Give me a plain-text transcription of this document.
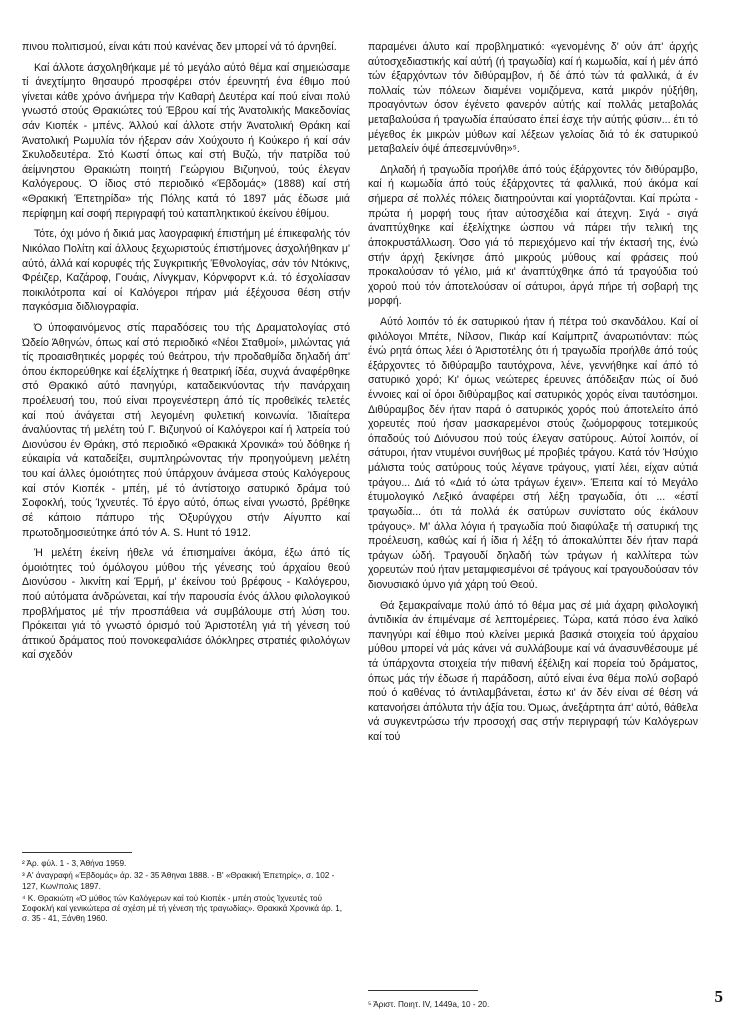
πινου πολιτισμού, είναι κάτι πού κανένας δεν μπορεί νά τό άρνηθεί.

Καί άλλοτε άσχοληθήκαμε μέ τό μεγάλο αύτό θέμα καί σημειώσαμε τί άνεχτίμητο θησαυρό προσφέρει στόν έρευνητή ένα έθιμο πού γίνεται κάθε χρόνο άνήμερα τήν Καθαρή Δευτέρα καί πού είναι πολύ γνωστό στούς Θρακιώτες τού Έβρου καί τής Άνατολικής Μακεδονίας σάν Κιοπέκ - μπένς. Άλλού καί άλλοτε στήν Άνατολική Θράκη καί Άνατολική Ρωμυλία τόν ήξεραν σάν Χούχουτο ή Κούκερο ή καί σάν Σκυλοδευτέρα. Στό Κωστί όπως καί στή Βυζώ, τήν πατρίδα τού άείμνηστου Θρακιώτη ποιητή Γεώργιου Βιζυηνού, τούς έλεγαν Καλόγερους. Ό ίδιος στό περιοδικό «Έβδομάς» (1888) καί στή «Θρακική Έπετηρίδα» τής Πόλης κατά τό 1897 μάς έδωσε μιά περίφημη καί σοφή περιγραφή τού καταπληκτικού έκείνου έθίμου.

Τότε, όχι μόνο ή δικιά μας λαογραφική έπιστήμη μέ έπικεφαλής τόν Νικόλαο Πολίτη καί άλλους ξεχωριστούς έπιστήμονες άσχολήθηκαν μ' αύτό, άλλά καί κορυφές τής Συγκριτικής Έθνολογίας, σάν τόν Ντόκινς, Φρέιζερ, Καζάροφ, Γουάις, Λίνγκμαν, Κόρνφορντ κ.ά. τό έσχολίασαν ποικιλότροπα καί οί Καλόγεροι πήραν μιά έξέχουσα θέση στήν παγκόσμια διδλιογραφία.

Ό ύποφαινόμενος στίς παραδόσεις του τής Δραματολογίας στό Ώδείο Άθηνών, όπως καί στό περιοδικό «Νέοι Σταθμοί», μιλώντας γιά τίς προαισθητικές μορφές τού θεάτρου, τήν προδαθμίδα δηλαδή άπ' όπου έκπορεύθηκε καί έξελίχτηκε ή θεατρική ίδέα, συχνά άναφέρθηκε στό Θρακικό αύτό πανηγύρι, καταδεικνύοντας τήν πανάρχαιη προέλευσή του, πού είναι προγενέστερη άπό τίς προθεϊκές τελετές καί πού άνάγεται στή λεγομένη φυλετική κοινωνία. Ίδιαίτερα άναλύοντας τή μελέτη τού Γ. Βιζυηνού οί Καλόγεροι καί ή λατρεία τού Διονύσου έν Θράκη, στό περιοδικό «Θρακικά Χρονικά» τού δόθηκε ή εύκαιρία νά καταδείξει, συμπληρώνοντας τήν προηγούμενη μελέτη του καί άλλες όμοιότητες πού ύπάρχουν άνάμεσα στούς Καλόγερους καί στόν Κιοπέκ - μπέη, μέ τό άντίστοιχο σατυρικό δράμα τού Σοφοκλή, τούς Ίχνευτές. Τό έργο αύτό, όπως είναι γνωστό, βρέθηκε σέ κάποιο πάπυρο τής Όξυρύγχου στήν Αίγυπτο καί πρωτοδημοσιεύτηκε άπό τόν A. S. Hunt τό 1912.

Ή μελέτη έκείνη ήθελε νά έπισημαίνει άκόμα, έξω άπό τίς όμοιότητες τού όμόλογου μύθου τής γένεσης τού άρχαίου θεού Διονύσου - λικνίτη καί Έρμή, μ' έκείνου τού βρέφους - Καλόγερου, πού αύτόματα άνδρώνεται, καί τήν παρουσία ένός άλλου φιλολογικού προβλήματος μέ τήν προσπάθεια νά συμβάλουμε στή λύση του. Πρόκειται γιά τό γνωστό όρισμό τού Άριστοτέλη γιά τή γένεση τού άττικού δράματος πού πονοκεφαλιάσε όλόκληρες στρατιές φιλολόγων καί σχεδόν

² Άρ. φύλ. 1 - 3, Άθήνα 1959.

³ Α' άναγραφή «Έβδομάς» άρ. 32 - 35 Άθηναι 1888. - Β' «Θρακική Έπετηρίς», σ. 102 - 127, Κων/πολις 1897.

⁴ Κ. Θρακιώτη «Ό μύθος τών Καλόγερων καί τού Κιοπέκ - μπέη στούς Ίχνευτές τού Σοφοκλή καί γενικώτερα σέ σχέση μέ τή γένεση τής τραγωδίας». Θρακικά Χρονικά άρ. 1, σ. 35 - 41, Ξάνθη 1960.

παραμένει άλυτο καί προβληματικό: «γενομένης δ' ούν άπ' άρχής αύτοσχεδιαστικής καί αύτή (ή τραγωδία) καί ή κωμωδία, καί ή μέν άπό τών έξαρχόντων τόν διθύραμβον, ή δέ άπό τών τά φαλλικά, ά έν πολλαίς τών πόλεων διαμένει νομιζόμενα, κατά μικρόν ηύξήθη, προαγόντων όσον έγένετο φανερόν αύτής καί πολλάς μεταβολάς μεταβαλούσα ή τραγωδία έπαύσατο έπεί έσχε τήν αύτής φύσιν... έτι τό μέγεθος έκ μικρών μύθων καί λέξεων γελοίας διά τό έκ σατυρικού μεταβαλείν όψέ άπεσεμνύνθη»⁵.

Δηλαδή ή τραγωδία προήλθε άπό τούς έξάρχοντες τόν διθύραμβο, καί ή κωμωδία άπό τούς έξάρχοντες τά φαλλικά, πού άκόμα καί σήμερα σέ πολλές πόλεις διατηρούνται καί γιορτάζονται. Καί πρώτα - πρώτα ή μορφή τους ήταν αύτοσχέδια καί άτεχνη. Σιγά - σιγά άναπτύχθηκε καί έξελίχτηκε ώσπου νά πάρει τήν τελική της άποκρυστάλλωση. Όσο γιά τό περιεχόμενο καί τήν έκτασή της, ένώ στήν άρχή ξεκίνησε άπό μικρούς μύθους καί φράσεις πού προκαλούσαν τό γέλιο, μιά κι' άναπτύχθηκε άπό τά τραγούδια τού χορού πού τόν άποτελούσαν οί σάτυροι, άργά πήρε τή σοβαρή της μορφή.

Αύτό λοιπόν τό έκ σατυρικού ήταν ή πέτρα τού σκανδάλου. Καί οί φιλόλογοι Μπέτε, Νίλσον, Πικάρ καί Καίμπριτζ άναρωτιόνταν: πώς ένώ ρητά όπως λέει ό Άριστοτέλης ότι ή τραγωδία προήλθε άπό τούς έξάρχοντες τό διθύραμβο ταυτόχρονα, λένε, γεννήθηκε καί άπό τό σατυρικό χορό; Κι' όμως νεώτερες έρευνες άπόδειξαν πώς οί δυό έννοιες καί οί όροι διθύραμβος καί σατυρικός χορός είναι ταυτόσημοι. Διθύραμβος δέν ήταν παρά ό σατυρικός χορός πού άποτελείτο άπό χορευτές πού ήσαν μασκαρεμένοι στούς ζωόμορφους τοτεμικούς όπαδούς τού Διόνυσου πού τούς έλεγαν σατύρους. Αύτοί λοιπόν, οί σάτυροι, ήταν ντυμένοι συνήθως μέ προβιές τράγου. Κατά τόν Ήσύχιο μάλιστα τούς σατύρους τούς λέγανε τράγους, γιατί λέει, είχαν αύτιά τράγου... Διά τό «Διά τό ώτα τράγων έχειν». Έπειτα καί τό Μεγάλο έτυμολογικό Λεξικό άναφέρει στή λέξη τραγωδία, ότι ... «έστί τραγωδία... ότι τά πολλά έκ σατύρων συνίστατο ούς έκάλουν τράγους». Μ' άλλα λόγια ή τραγωδία πού διαφύλαξε τή σατυρική της προέλευση, καθώς καί ή ίδια ή λέξη τό άποκαλύπτει δέν ήταν παρά τράγων ώδή. Τραγουδί δηλαδή τών τράγων ή καλλίτερα τών χορευτών πού ήταν μεταμφιεσμένοι σέ τράγους καί τραγουδούσαν τόν διονυσιακό ύμνο γιά χάρη τού Θεού.

Θά ξεμακραίναμε πολύ άπό τό θέμα μας σέ μιά άχαρη φιλολογική άντιδικία άν έπιμέναμε σέ λεπτομέρειες. Τώρα, κατά πόσο ένα λαϊκό πανηγύρι καί έθιμο πού κλείνει μερικά βασικά στοιχεία τού άρχαίου μύθου μπορεί νά μάς κάνει νά συλλάβουμε καί νά άνασυνθέσουμε μέ τά ύπάρχοντα στοιχεία τήν πιθανή έξέλιξη καί πορεία τού δράματος, όπως μάς τήν έδωσε ή παράδοση, αύτό είναι ένα θέμα πολύ σοβαρό πού ό καθένας τό άντιλαμβάνεται, έστω κι' άν δέν είναι σέ θέση νά κατανοήσει άπόλυτα τήν άξία του. Όμως, άνεξάρτητα άπ' αύτό, θάθελα νά συγκεντρώσω τήν προσοχή σας στήν περιγραφή τών Καλόγερων καί τού

⁵ Άριστ. Ποιητ. IV, 1449a, 10 - 20.	5
